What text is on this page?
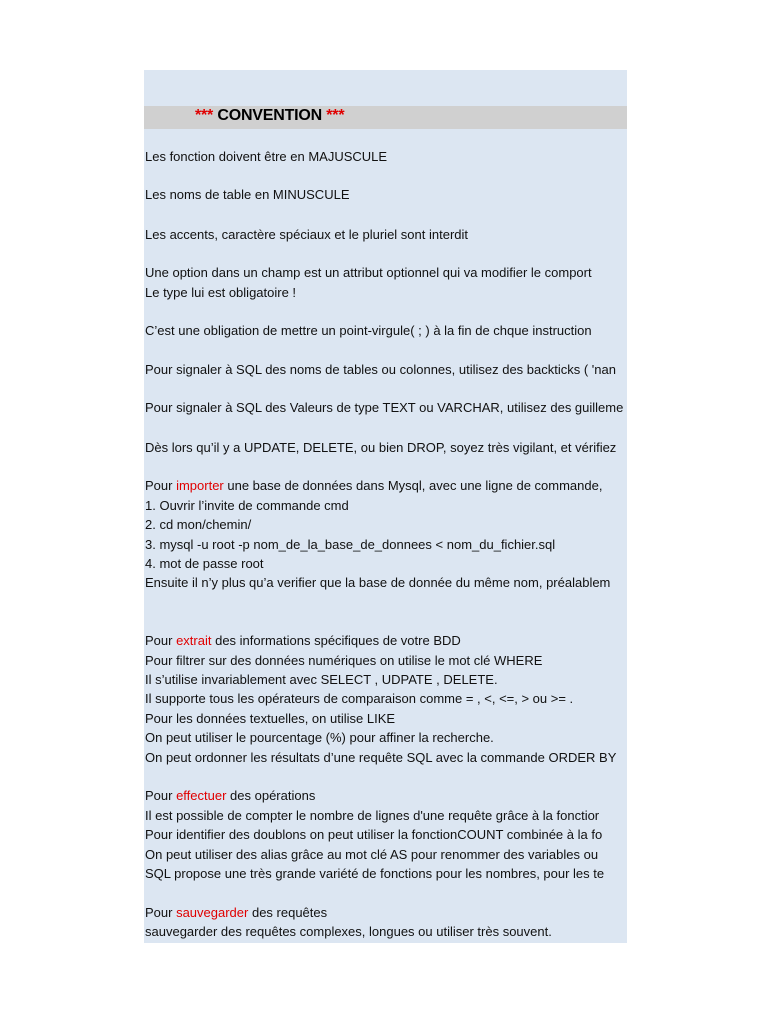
*** CONVENTION ***
Les fonction doivent être en MAJUSCULE
Les noms de table en MINUSCULE
Les accents, caractère spéciaux et le pluriel sont interdit
Une option dans un champ est un attribut optionnel qui va modifier le comport
Le type lui est obligatoire !
C’est une obligation de mettre un point-virgule( ; ) à la fin de chque instruction
Pour signaler à SQL des noms de tables ou colonnes, utilisez des backticks ( 'nan
Pour signaler à SQL des Valeurs de type TEXT ou VARCHAR, utilisez des guilleme
Dès lors qu’il y a UPDATE, DELETE, ou bien DROP, soyez très vigilant, et vérifiez
Pour importer une base de données dans Mysql, avec une ligne de commande,
1. Ouvrir l’invite de commande cmd
2. cd mon/chemin/
3. mysql -u root -p nom_de_la_base_de_donnees < nom_du_fichier.sql
4. mot de passe root
Ensuite il n’y plus qu’a verifier que la base de donnée du même nom, préalablem
Pour extrait des informations spécifiques de votre BDD
Pour filtrer sur des données numériques on utilise le mot clé WHERE
Il s’utilise invariablement avec SELECT , UDPATE , DELETE.
Il supporte tous les opérateurs de comparaison comme = , <, <=, > ou >= .
Pour les données textuelles, on utilise LIKE
On peut utiliser le pourcentage (%) pour affiner la recherche.
On peut ordonner les résultats d’une requête SQL avec la commande ORDER BY
Pour effectuer des opérations
Il est possible de compter le nombre de lignes d'une requête grâce à la fonctior
Pour identifier des doublons on peut utiliser la fonctionCOUNT combinée à la fo
On peut utiliser des alias grâce au mot clé AS pour renommer des variables ou
SQL propose une très grande variété de fonctions pour les nombres, pour les te
Pour sauvegarder des requêtes
sauvegarder des requêtes complexes, longues ou utiliser très souvent.
